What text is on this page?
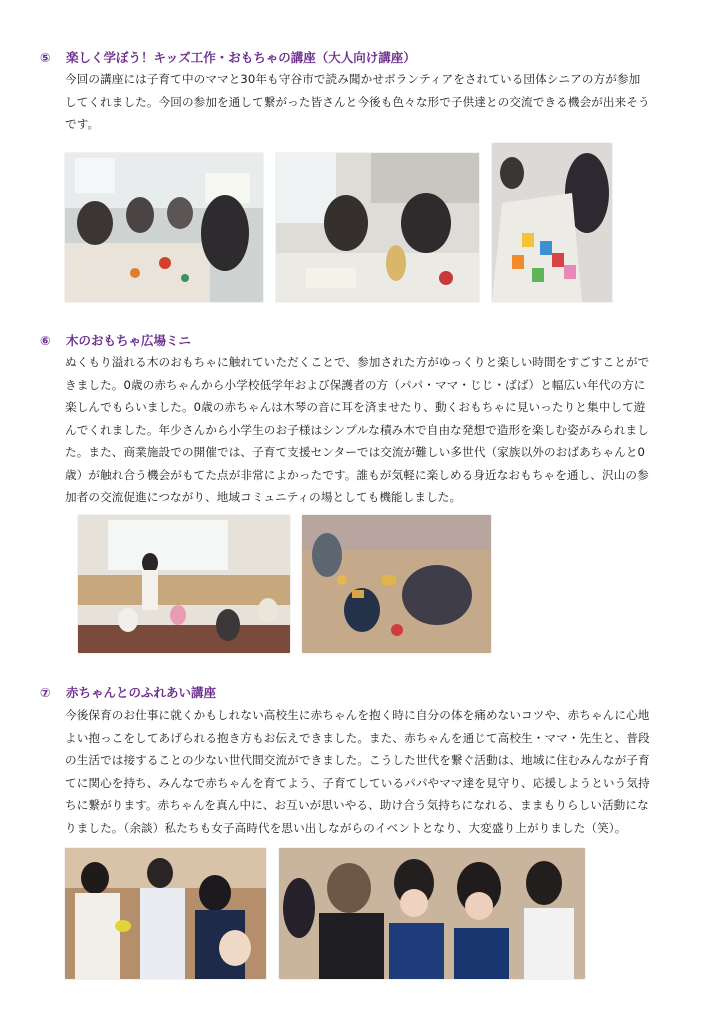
⑤ 楽しく学ぼう！キッズ工作・おもちゃの講座（大人向け講座）
今回の講座には子育て中のママと30年も守谷市で読み聞かせボランティアをされている団体シニアの方が参加
してくれました。今回の参加を通して繋がった皆さんと今後も色々な形で子供達との交流できる機会が出来そう
です。
⑥ 木のおもちゃ広場ミニ
ぬくもり溢れる木のおもちゃに触れていただくことで、参加された方がゆっくりと楽しい時間をすごすことがで
きました。0歳の赤ちゃんから小学校低学年および保護者の方（パパ・ママ・じじ・ばば）と幅広い年代の方に
楽しんでもらいました。0歳の赤ちゃんは木琴の音に耳を済ませたり、動くおもちゃに見いったりと集中して遊
んでくれました。年少さんから小学生のお子様はシンプルな積み木で自由な発想で造形を楽しむ姿がみられまし
た。また、商業施設での開催では、子育て支援センターでは交流が難しい多世代（家族以外のおばあちゃんと0
歳）が触れ合う機会がもてた点が非常によかったです。誰もが気軽に楽しめる身近なおもちゃを通し、沢山の参
加者の交流促進につながり、地域コミュニティの場としても機能しました。
⑦ 赤ちゃんとのふれあい講座
今後保育のお仕事に就くかもしれない高校生に赤ちゃんを抱く時に自分の体を痛めないコツや、赤ちゃんに心地
よい抱っこをしてあげられる抱き方もお伝えできました。また、赤ちゃんを通じて高校生・ママ・先生と、普段
の生活では接することの少ない世代間交流ができました。こうした世代を繋ぐ活動は、地域に住むみんなが子育
てに関心を持ち、みんなで赤ちゃんを育てよう、子育てしているパパやママ達を見守り、応援しようという気持
ちに繋がります。赤ちゃんを真ん中に、お互いが思いやる、助け合う気持ちになれる、ままもりらしい活動にな
りました。（余談）私たちも女子高時代を思い出しながらのイベントとなり、大変盛り上がりました（笑）。
